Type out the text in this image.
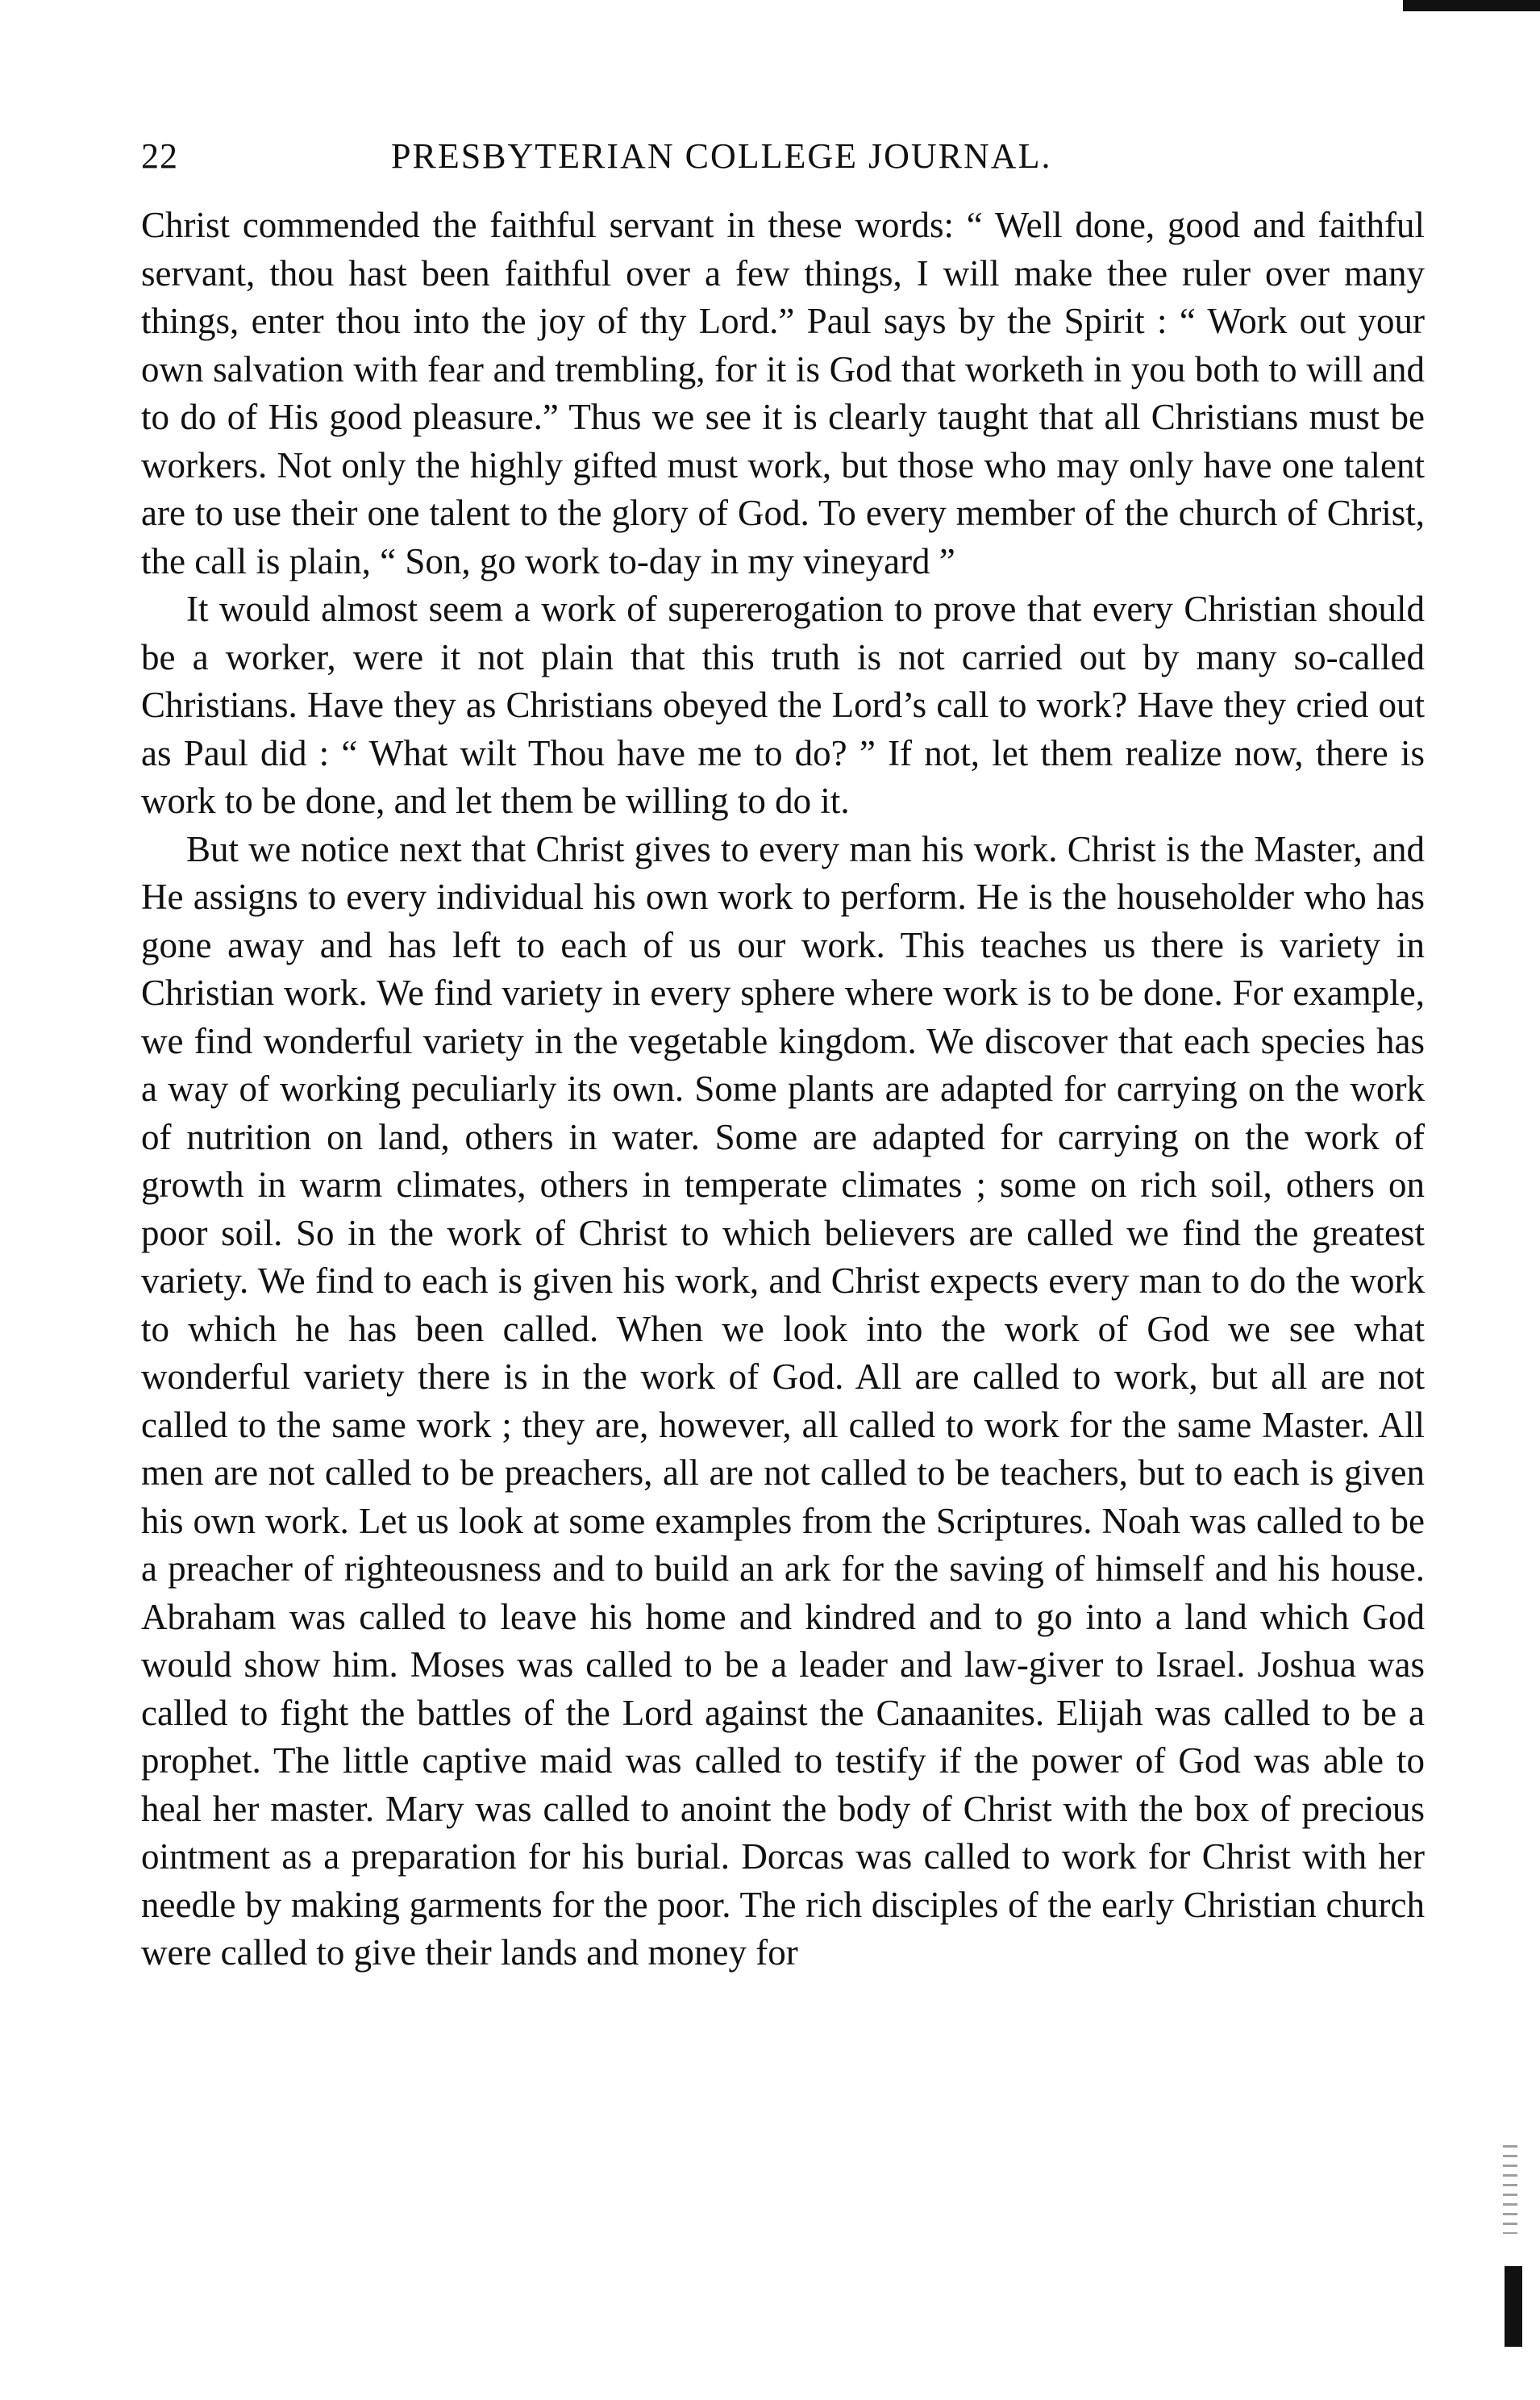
22	PRESBYTERIAN COLLEGE JOURNAL.

Christ commended the faithful servant in these words: “ Well done, good and faithful servant, thou hast been faithful over a few things, I will make thee ruler over many things, enter thou into the joy of thy Lord.” Paul says by the Spirit : “ Work out your own salvation with fear and trembling, for it is God that worketh in you both to will and to do of His good pleasure.” Thus we see it is clearly taught that all Christians must be workers. Not only the highly gifted must work, but those who may only have one talent are to use their one talent to the glory of God. To every member of the church of Christ, the call is plain, “ Son, go work to-day in my vineyard ”

It would almost seem a work of supererogation to prove that every Christian should be a worker, were it not plain that this truth is not carried out by many so-called Christians. Have they as Christians obeyed the Lord’s call to work? Have they cried out as Paul did : “ What wilt Thou have me to do? ” If not, let them realize now, there is work to be done, and let them be willing to do it.

But we notice next that Christ gives to every man his work. Christ is the Master, and He assigns to every individual his own work to perform. He is the householder who has gone away and has left to each of us our work. This teaches us there is variety in Christian work. We find variety in every sphere where work is to be done. For example, we find wonderful variety in the vegetable kingdom. We discover that each species has a way of working peculiarly its own. Some plants are adapted for carrying on the work of nutrition on land, others in water. Some are adapted for carrying on the work of growth in warm climates, others in temperate climates ; some on rich soil, others on poor soil. So in the work of Christ to which believers are called we find the greatest variety. We find to each is given his work, and Christ expects every man to do the work to which he has been called. When we look into the work of God we see what wonderful variety there is in the work of God. All are called to work, but all are not called to the same work ; they are, however, all called to work for the same Master. All men are not called to be preachers, all are not called to be teachers, but to each is given his own work. Let us look at some examples from the Scriptures. Noah was called to be a preacher of righteousness and to build an ark for the saving of himself and his house. Abraham was called to leave his home and kindred and to go into a land which God would show him. Moses was called to be a leader and law-giver to Israel. Joshua was called to fight the battles of the Lord against the Canaanites. Elijah was called to be a prophet. The little captive maid was called to testify if the power of God was able to heal her master. Mary was called to anoint the body of Christ with the box of precious ointment as a preparation for his burial. Dorcas was called to work for Christ with her needle by making garments for the poor. The rich disciples of the early Christian church were called to give their lands and money for
